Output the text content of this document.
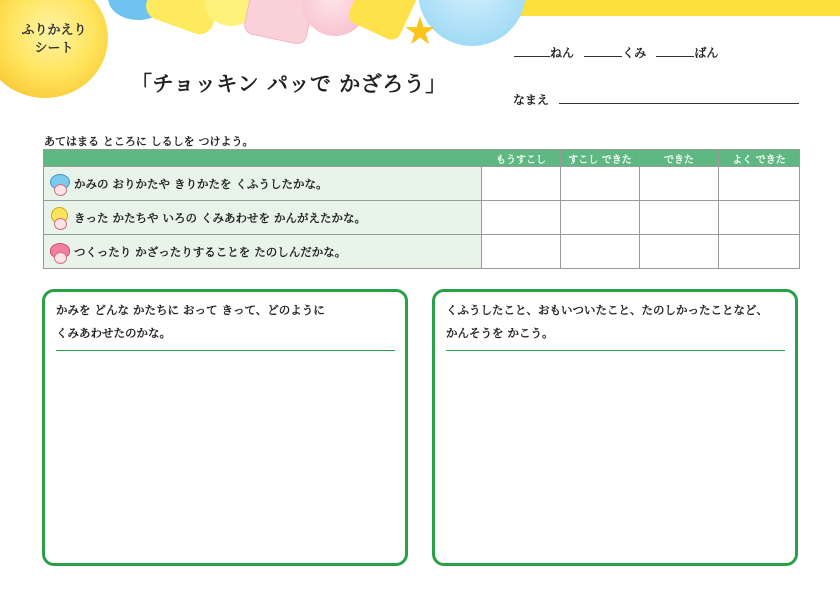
★
ふりかえり
シート
「チョッキン パッで かざろう」
ねん	くみ	ばん
なまえ
あてはまる ところに しるしを つけよう。
	もうすこし	すこし できた	できた	よく できた

かみの おりかたや きりかたを くふうしたかな。				

きった かたちや いろの くみあわせを かんがえたかな。				

つくったり かざったりすることを たのしんだかな。				

かみを どんな かたちに おって きって、どのように
くみあわせたのかな。
くふうしたこと、おもいついたこと、たのしかったことなど、
かんそうを かこう。
